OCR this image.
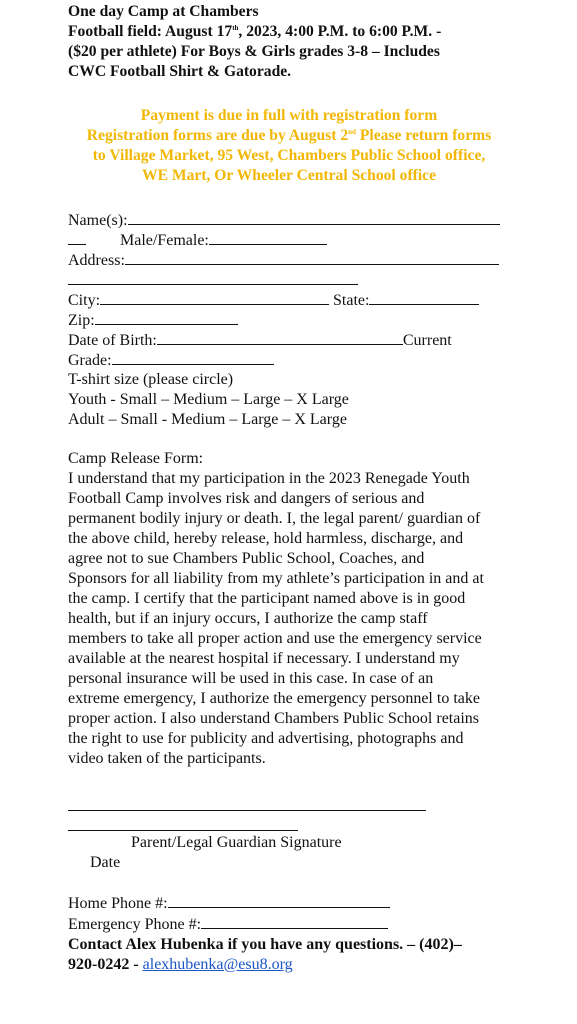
One day Camp at Chambers
Football field: August 17th, 2023, 4:00 P.M. to 6:00 P.M. -
($20 per athlete) For Boys & Girls grades 3-8 – Includes
CWC Football Shirt & Gatorade.
Payment is due in full with registration form
Registration forms are due by August 2nd Please return forms
to Village Market, 95 West, Chambers Public School office,
WE Mart, Or Wheeler Central School office
Name(s):
Male/Female:
Address:
City:	State:
Zip:
Date of Birth:	Current
Grade:
T-shirt size (please circle)
Youth - Small – Medium – Large – X Large
Adult – Small - Medium – Large – X Large
Camp Release Form:
I understand that my participation in the 2023 Renegade Youth
Football Camp involves risk and dangers of serious and
permanent bodily injury or death. I, the legal parent/ guardian of
the above child, hereby release, hold harmless, discharge, and
agree not to sue Chambers Public School, Coaches, and
Sponsors for all liability from my athlete’s participation in and at
the camp. I certify that the participant named above is in good
health, but if an injury occurs, I authorize the camp staff
members to take all proper action and use the emergency service
available at the nearest hospital if necessary. I understand my
personal insurance will be used in this case. In case of an
extreme emergency, I authorize the emergency personnel to take
proper action. I also understand Chambers Public School retains
the right to use for publicity and advertising, photographs and
video taken of the participants.
Parent/Legal Guardian Signature
Date
Home Phone #:
Emergency Phone #:
Contact Alex Hubenka if you have any questions. – (402)–
920-0242 - alexhubenka@esu8.org
